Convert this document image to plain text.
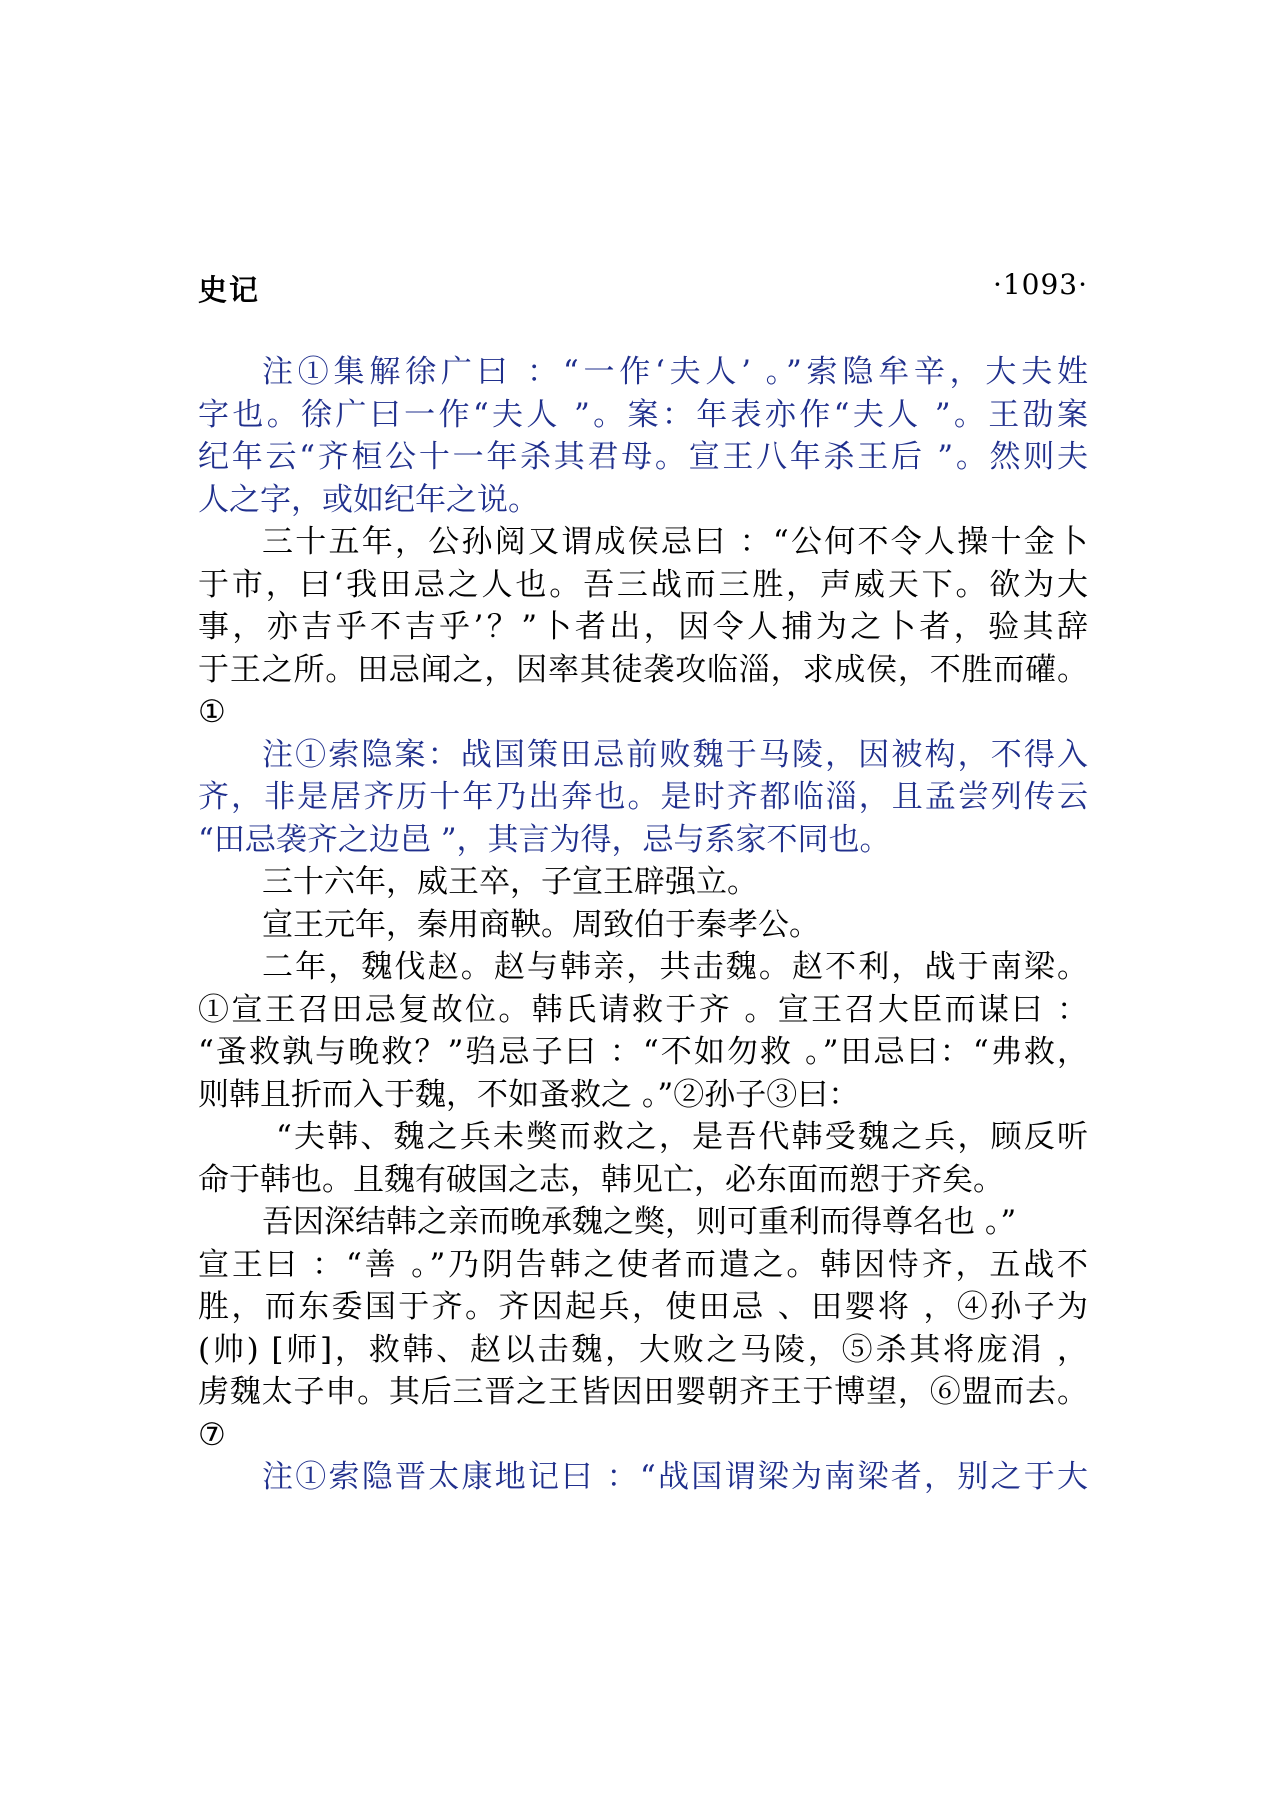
史记	·1093·
注①集解徐广曰 ：“一作‘夫人’ 。”索隐牟辛，大夫姓
字也。徐广曰一作“夫人 ”。案：年表亦作“夫人 ”。王劭案
纪年云“齐桓公十一年杀其君母。宣王八年杀王后 ”。然则夫
人之字，或如纪年之说。
三十五年，公孙阅又谓成侯忌曰 ：“公何不令人操十金卜
于市，曰‘我田忌之人也。吾三战而三胜，声威天下。欲为大
事，亦吉乎不吉乎’？”卜者出，因令人捕为之卜者，验其辞
于王之所。田忌闻之，因率其徒袭攻临淄，求成侯，不胜而礶。
①
注①索隐案：战国策田忌前败魏于马陵，因被构，不得入
齐，非是居齐历十年乃出奔也。是时齐都临淄，且孟尝列传云
“田忌袭齐之边邑 ”，其言为得，忌与系家不同也。
三十六年，威王卒，子宣王辟强立。
宣王元年，秦用商鞅。周致伯于秦孝公。
二年，魏伐赵。赵与韩亲，共击魏。赵不利，战于南梁。
①宣王召田忌复故位。韩氏请救于齐 。宣王召大臣而谋曰 ：
“蚤救孰与晚救？”驺忌子曰 ：“不如勿救 。”田忌曰：“弗救，
则韩且折而入于魏，不如蚤救之 。”②孙子③曰：
“夫韩、魏之兵未獘而救之，是吾代韩受魏之兵，顾反听
命于韩也。且魏有破国之志，韩见亡，必东面而愬于齐矣。
吾因深结韩之亲而晚承魏之獘，则可重利而得尊名也 。”
宣王曰 ：“善 。”乃阴告韩之使者而遣之。韩因恃齐，五战不
胜，而东委国于齐。齐因起兵，使田忌 、田婴将 ，④孙子为
(帅) [师]，救韩、赵以击魏，大败之马陵，⑤杀其将庞涓 ，
虏魏太子申。其后三晋之王皆因田婴朝齐王于博望，⑥盟而去。
⑦
注①索隐晋太康地记曰 ：“战国谓梁为南梁者，别之于大
